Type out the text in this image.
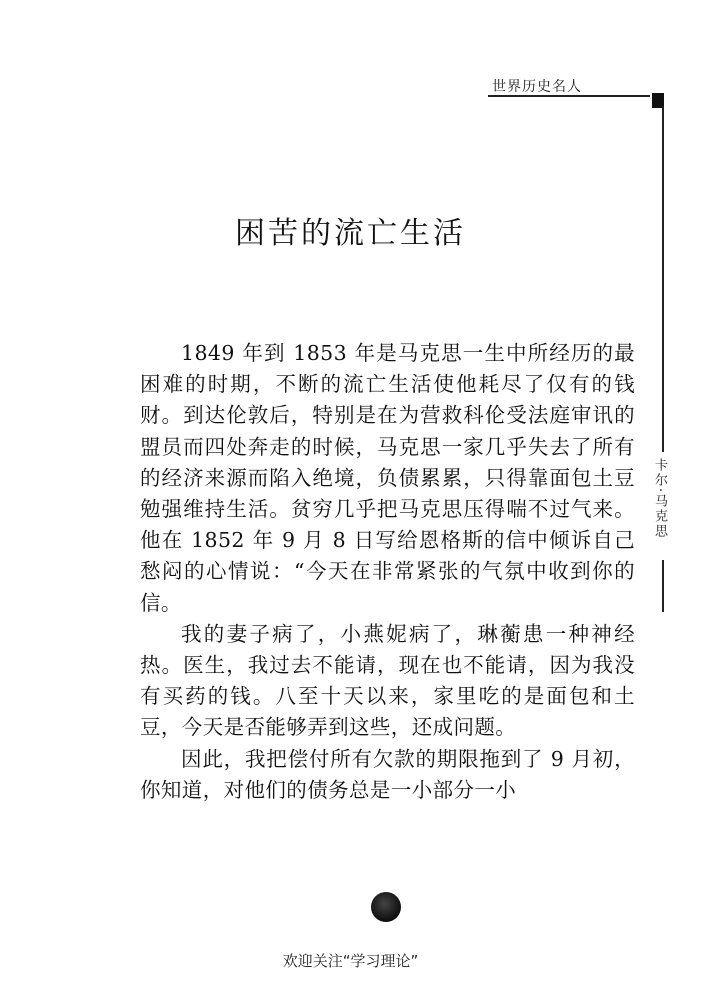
世界历史名人
卡尔·马克思
困苦的流亡生活

1849 年到 1853 年是马克思一生中所经历的最困难的时期，不断的流亡生活使他耗尽了仅有的钱财。到达伦敦后，特别是在为营救科伦受法庭审讯的盟员而四处奔走的时候，马克思一家几乎失去了所有的经济来源而陷入绝境，负债累累，只得靠面包土豆勉强维持生活。贫穷几乎把马克思压得喘不过气来。他在 1852 年 9 月 8 日写给恩格斯的信中倾诉自己愁闷的心情说：“今天在非常紧张的气氛中收到你的信。

我的妻子病了，小燕妮病了，琳蘅患一种神经热。医生，我过去不能请，现在也不能请，因为我没有买药的钱。八至十天以来，家里吃的是面包和土豆，今天是否能够弄到这些，还成问题。

因此，我把偿付所有欠款的期限拖到了 9 月初，你知道，对他们的债务总是一小部分一小

欢迎关注“学习理论”
